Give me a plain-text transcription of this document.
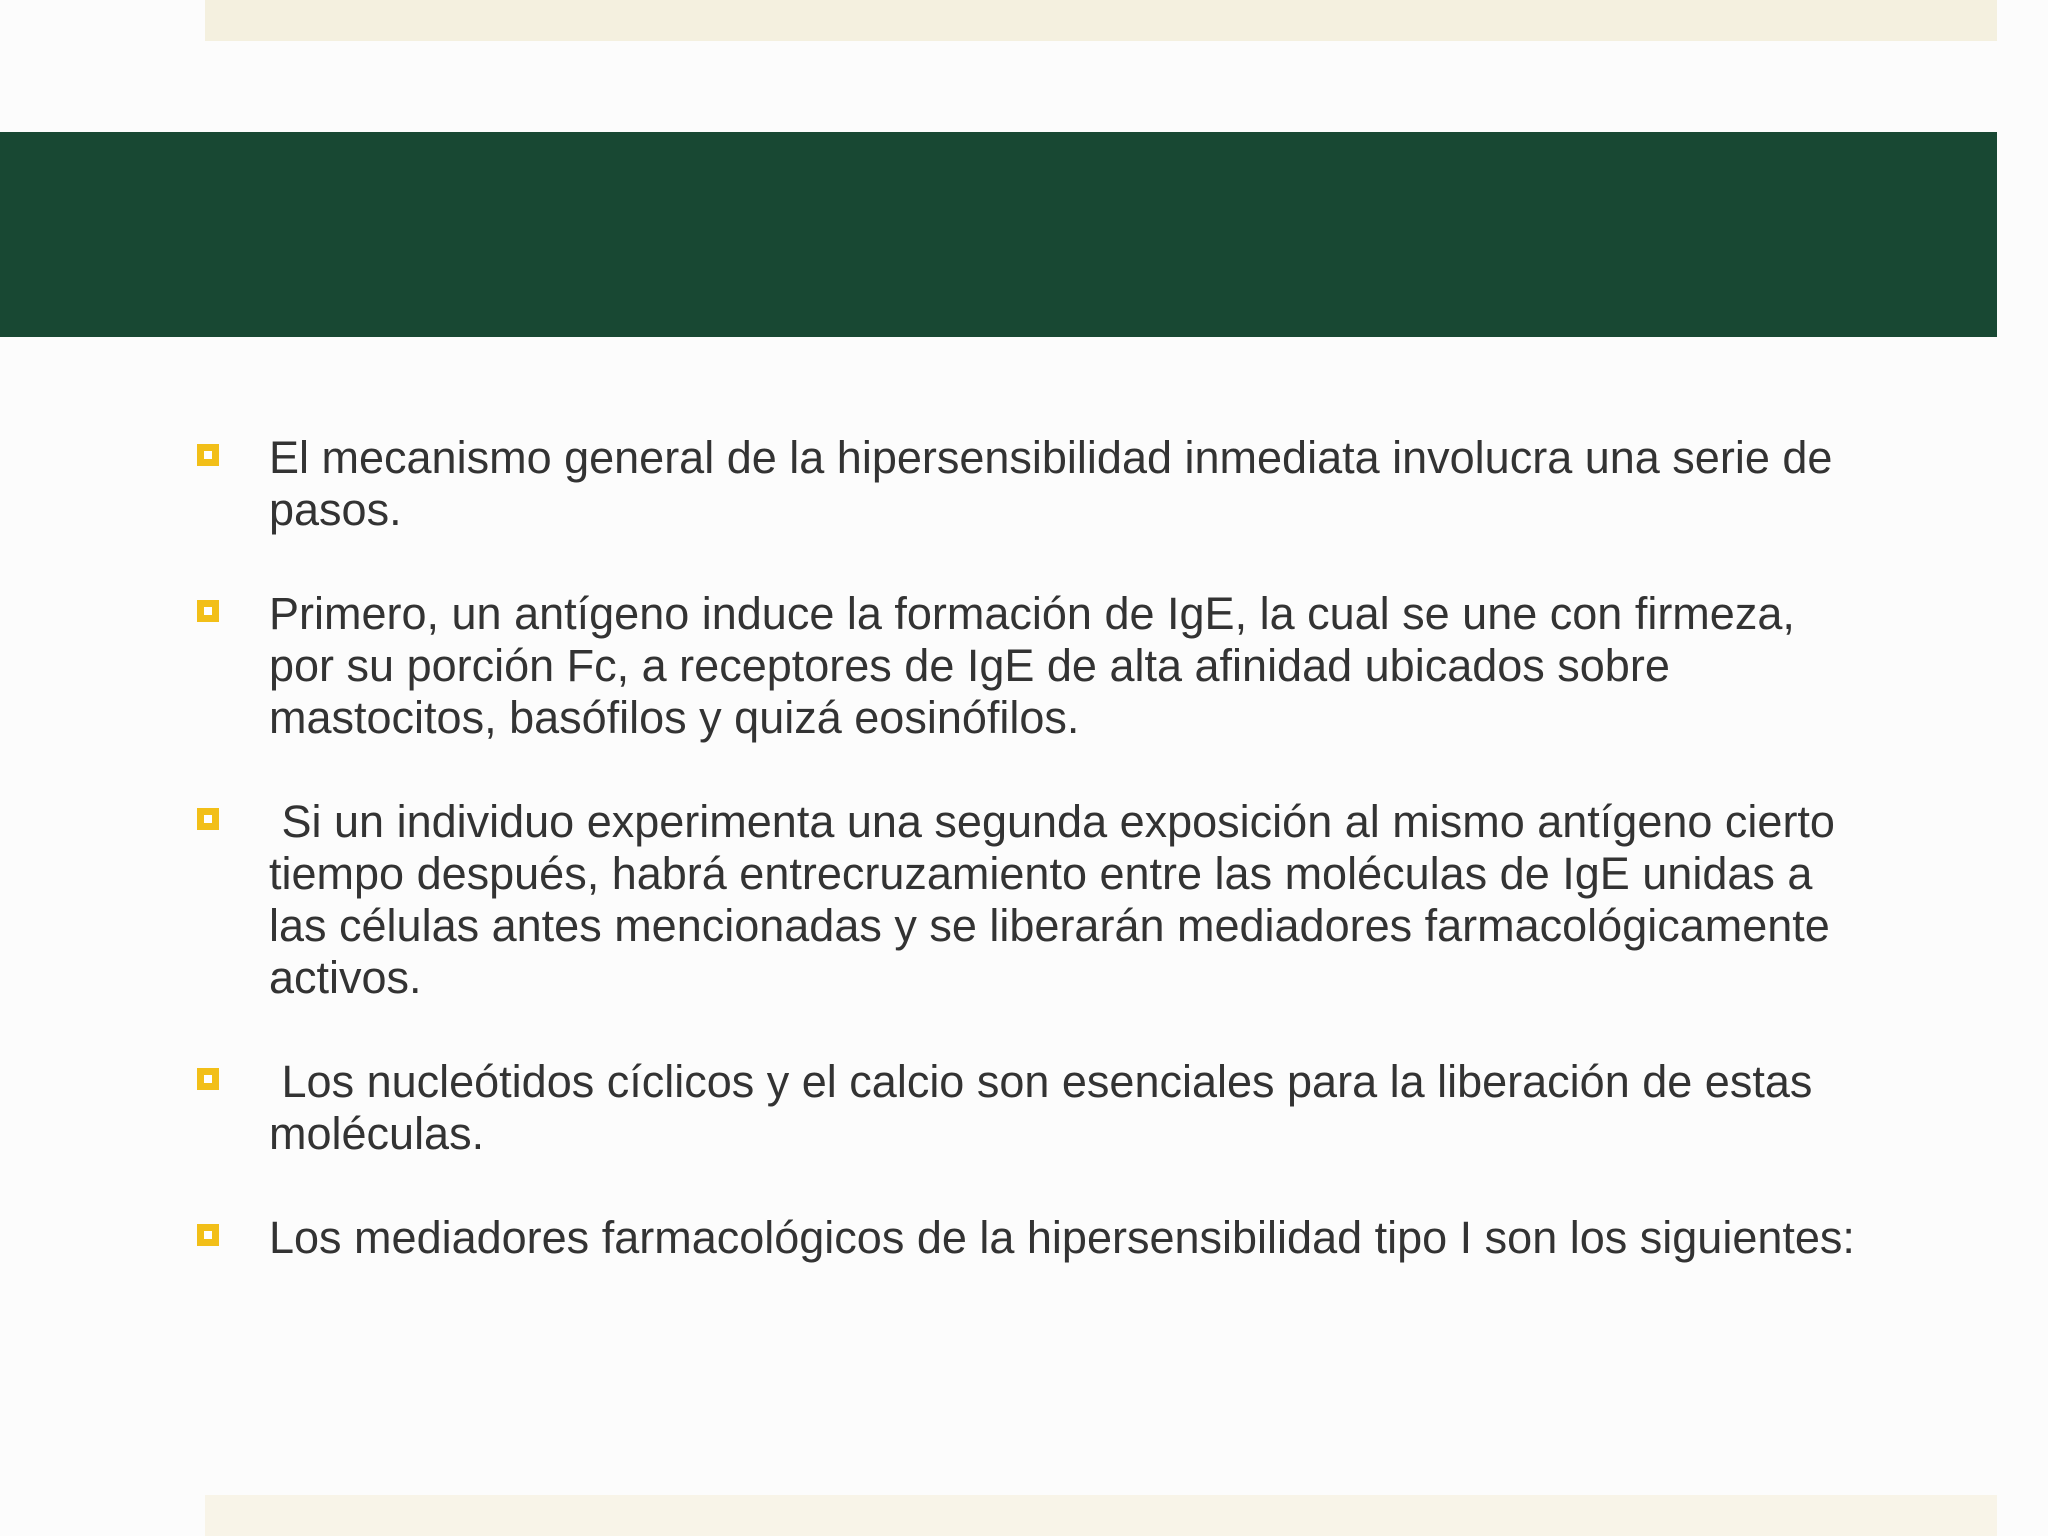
El mecanismo general de la hipersensibilidad inmediata involucra una serie de pasos.
Primero, un antígeno induce la formación de IgE, la cual se une con firmeza, por su porción Fc, a receptores de IgE de alta afinidad ubicados sobre mastocitos, basófilos y quizá eosinófilos.
Si un individuo experimenta una segunda exposición al mismo antígeno cierto tiempo después, habrá entrecruzamiento entre las moléculas de IgE unidas a las células antes mencionadas y se liberarán mediadores farmacológicamente activos.
Los nucleótidos cíclicos y el calcio son esenciales para la liberación de estas moléculas.
Los mediadores farmacológicos de la hipersensibilidad tipo I son los siguientes:
